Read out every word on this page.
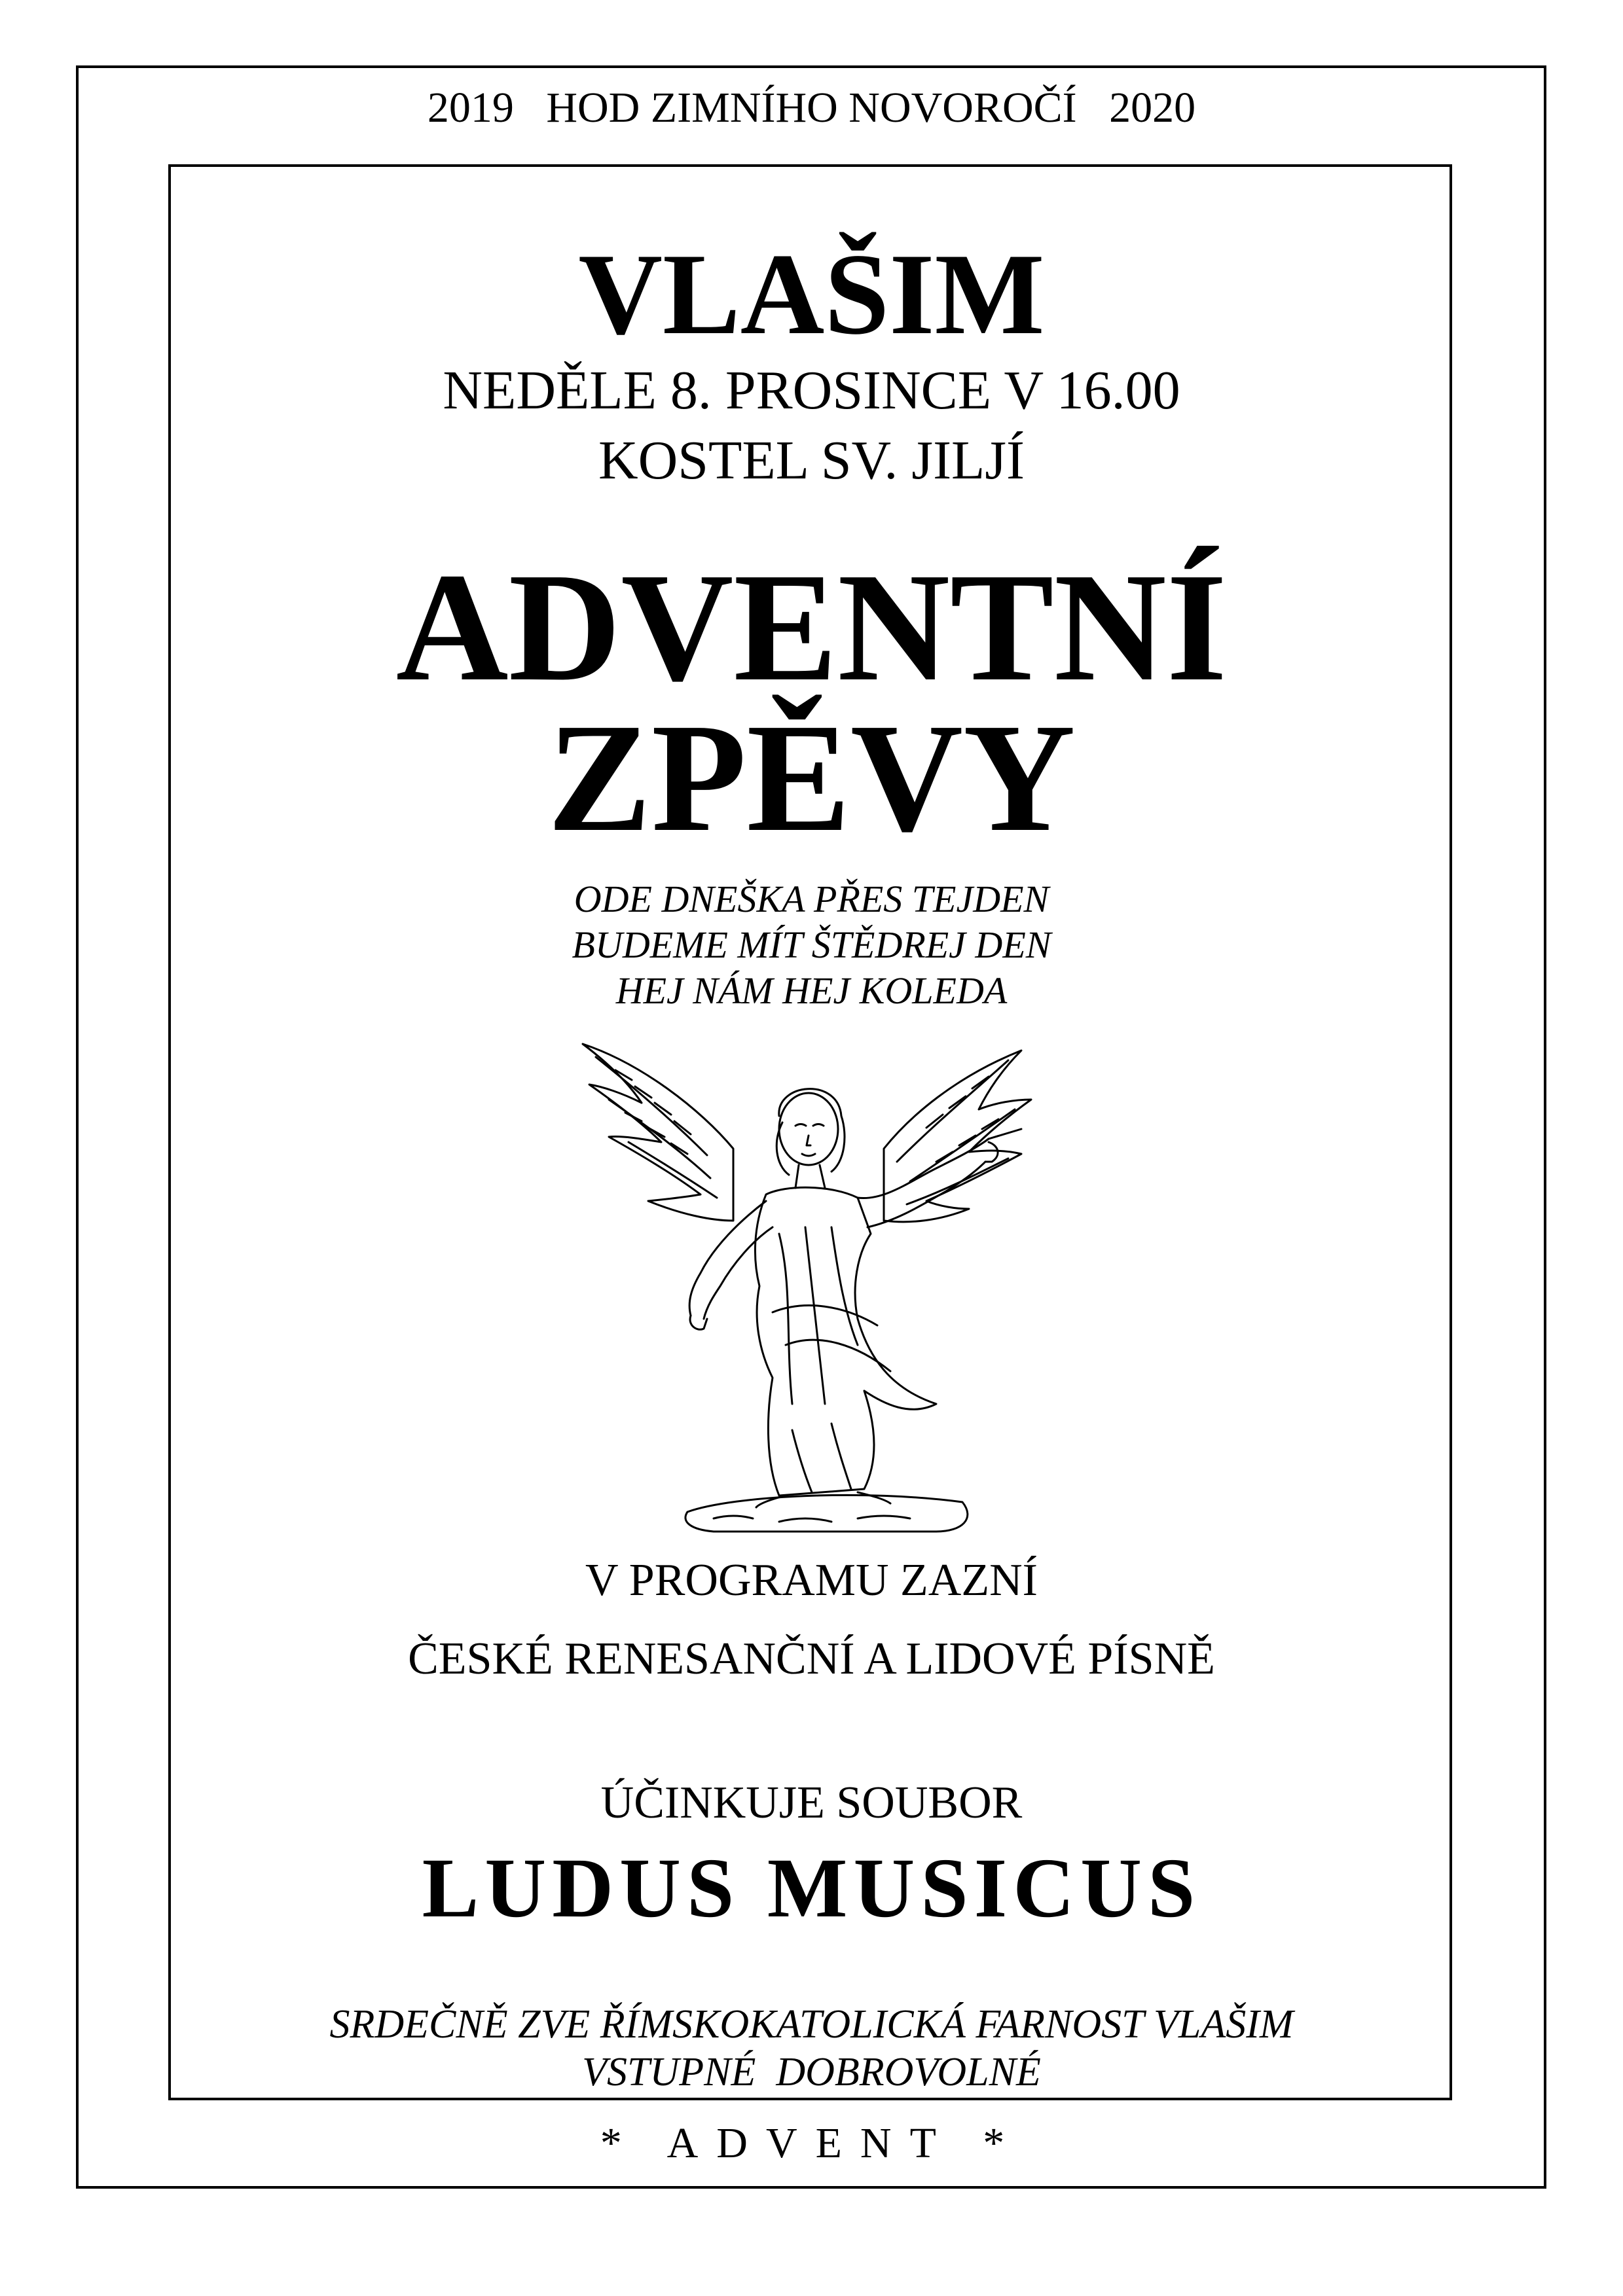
2019   HOD ZIMNÍHO NOVOROČÍ   2020
VLAŠIM
NEDĚLE 8. PROSINCE V 16.00
KOSTEL SV. JILJÍ
ADVENTNÍ
ZPĚVY
ODE DNEŠKA PŘES TEJDEN
BUDEME MÍT ŠTĚDREJ DEN
HEJ NÁM HEJ KOLEDA
V PROGRAMU ZAZNÍ
ČESKÉ RENESANČNÍ A LIDOVÉ PÍSNĚ
ÚČINKUJE SOUBOR
LUDUS MUSICUS
SRDEČNĚ ZVE ŘÍMSKOKATOLICKÁ FARNOST VLAŠIM
VSTUPNÉ  DOBROVOLNÉ
* ADVENT *
